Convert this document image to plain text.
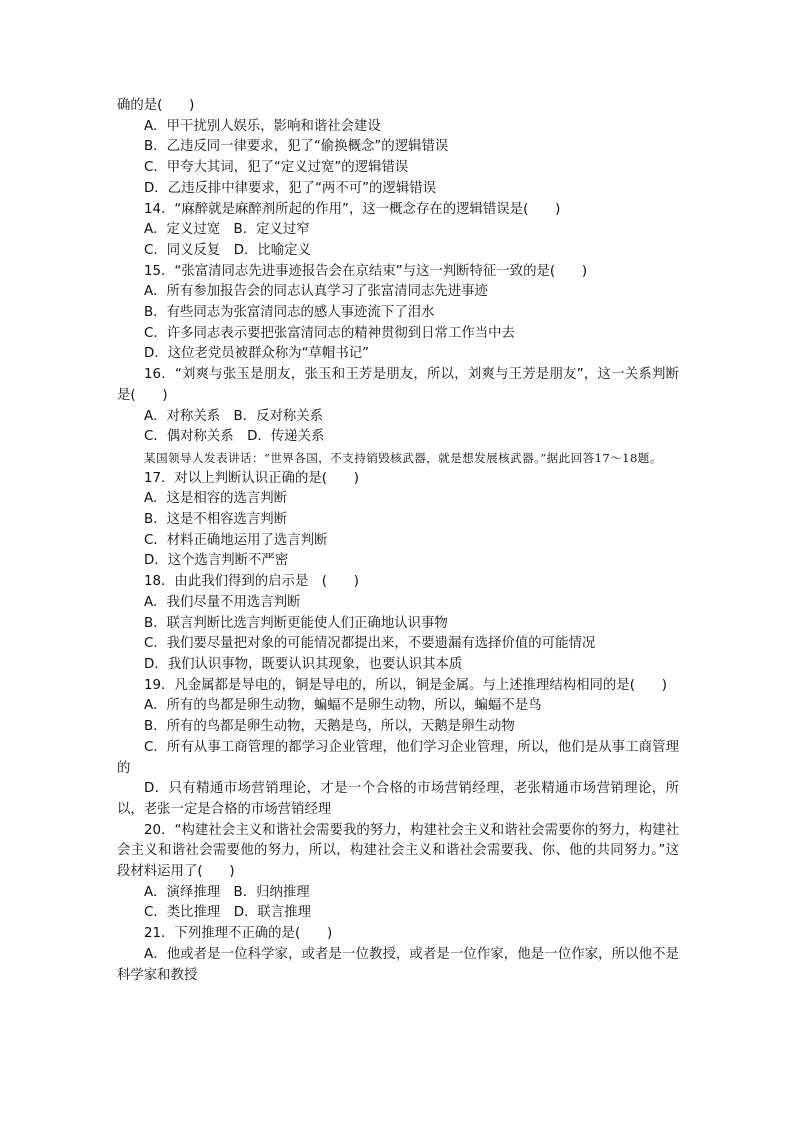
确的是(　　)
A．甲干扰别人娱乐，影响和谐社会建设
B．乙违反同一律要求，犯了“偷换概念”的逻辑错误
C．甲夸大其词，犯了“定义过宽”的逻辑错误
D．乙违反排中律要求，犯了“两不可”的逻辑错误
14．“麻醉就是麻醉剂所起的作用”，这一概念存在的逻辑错误是(　　)
A．定义过宽　B．定义过窄
C．同义反复　D．比喻定义
15．“张富清同志先进事迹报告会在京结束”与这一判断特征一致的是(　　)
A．所有参加报告会的同志认真学习了张富清同志先进事迹
B．有些同志为张富清同志的感人事迹流下了泪水
C．许多同志表示要把张富清同志的精神贯彻到日常工作当中去
D．这位老党员被群众称为“草帽书记”
16．“刘爽与张玉是朋友，张玉和王芳是朋友，所以，刘爽与王芳是朋友”，这一关系判断是(　　)
A．对称关系　B．反对称关系
C．偶对称关系　D．传递关系
某国领导人发表讲话：“世界各国，不支持销毁核武器，就是想发展核武器。”据此回答17～18题。
17．对以上判断认识正确的是(　　)
A．这是相容的选言判断
B．这是不相容选言判断
C．材料正确地运用了选言判断
D．这个选言判断不严密
18．由此我们得到的启示是　(　　)
A．我们尽量不用选言判断
B．联言判断比选言判断更能使人们正确地认识事物
C．我们要尽量把对象的可能情况都提出来，不要遗漏有选择价值的可能情况
D．我们认识事物，既要认识其现象，也要认识其本质
19．凡金属都是导电的，铜是导电的，所以，铜是金属。与上述推理结构相同的是(　　)
A．所有的鸟都是卵生动物，蝙蝠不是卵生动物，所以，蝙蝠不是鸟
B．所有的鸟都是卵生动物，天鹅是鸟，所以，天鹅是卵生动物
C．所有从事工商管理的都学习企业管理，他们学习企业管理，所以，他们是从事工商管理的
D．只有精通市场营销理论，才是一个合格的市场营销经理，老张精通市场营销理论，所以，老张一定是合格的市场营销经理
20．“构建社会主义和谐社会需要我的努力，构建社会主义和谐社会需要你的努力，构建社会主义和谐社会需要他的努力，所以，构建社会主义和谐社会需要我、你、他的共同努力。”这段材料运用了(　　)
A．演绎推理　B．归纳推理
C．类比推理　D．联言推理
21．下列推理不正确的是(　　)
A．他或者是一位科学家，或者是一位教授，或者是一位作家，他是一位作家，所以他不是科学家和教授
